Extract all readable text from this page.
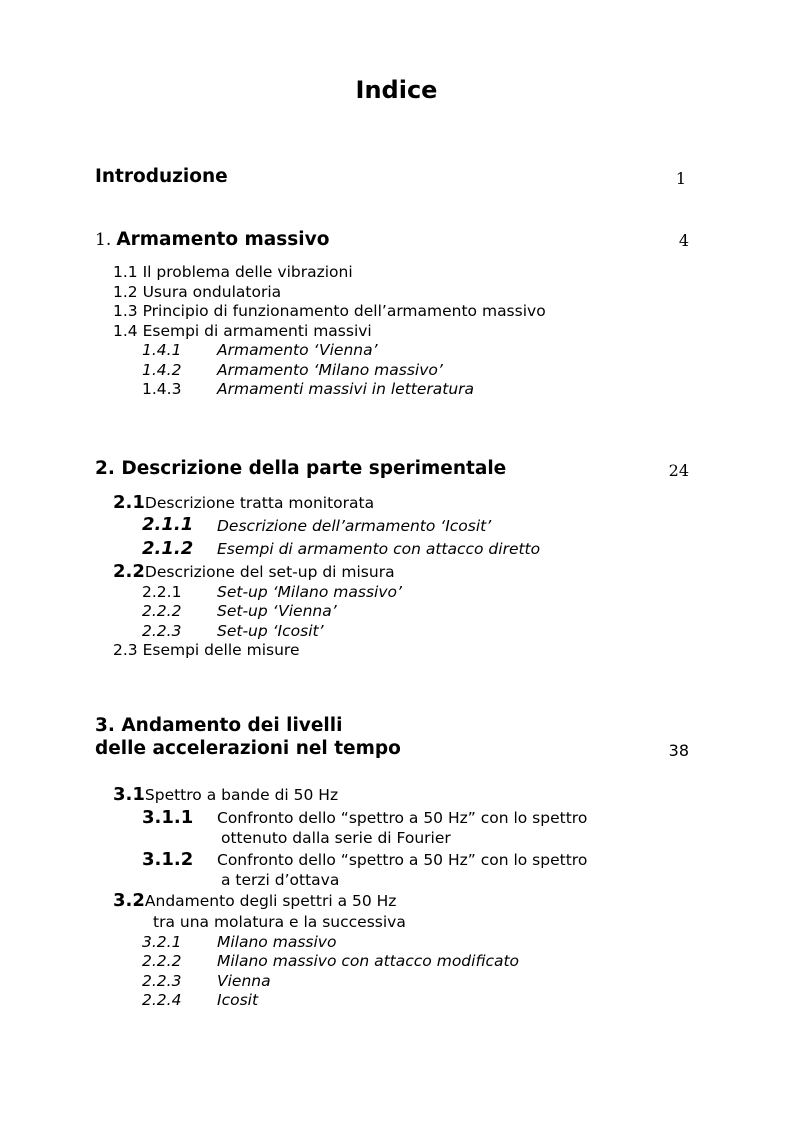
Indice
Introduzione	1
1. Armamento massivo	4
1.1 Il problema delle vibrazioni
1.2 Usura ondulatoria
1.3 Principio di funzionamento dell’armamento massivo
1.4 Esempi di armamenti massivi
1.4.1 Armamento ‘Vienna’
1.4.2 Armamento ‘Milano massivo’
1.4.3 Armamenti massivi in letteratura
2. Descrizione della parte sperimentale	24
2.1Descrizione tratta monitorata
2.1.1 Descrizione dell’armamento ‘Icosit’
2.1.2 Esempi di armamento con attacco diretto
2.2Descrizione del set-up di misura
2.2.1 Set-up ‘Milano massivo’
2.2.2 Set-up ‘Vienna’
2.2.3 Set-up ‘Icosit’
2.3 Esempi delle misure
3. Andamento dei livelli
delle accelerazioni nel tempo	38
3.1Spettro a bande di 50 Hz
3.1.1 Confronto dello “spettro a 50 Hz” con lo spettro
ottenuto dalla serie di Fourier
3.1.2 Confronto dello “spettro a 50 Hz” con lo spettro
a terzi d’ottava
3.2Andamento degli spettri a 50 Hz
tra una molatura e la successiva
3.2.1 Milano massivo
2.2.2 Milano massivo con attacco modificato
2.2.3 Vienna
2.2.4 Icosit
